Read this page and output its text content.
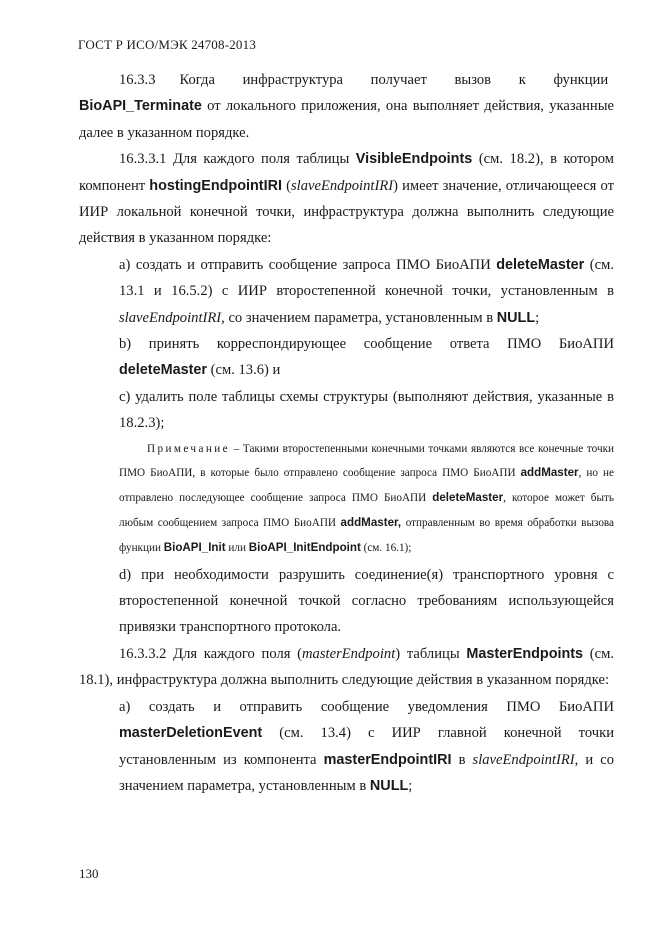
ГОСТ Р ИСО/МЭК 24708-2013

16.3.3 Когда инфраструктура получает вызов к функции
BioAPI_Terminate от локального приложения, она выполняет действия, указанные далее в указанном порядке.

16.3.3.1 Для каждого поля таблицы VisibleEndpoints (см. 18.2), в котором компонент hostingEndpointIRI (slaveEndpointIRI) имеет значение, отличающееся от ИИР локальной конечной точки, инфраструктура должна выполнить следующие действия в указанном порядке:

а) создать и отправить сообщение запроса ПМО БиоАПИ deleteMaster (см. 13.1 и 16.5.2) с ИИР второстепенной конечной точки, установленным в slaveEndpointIRI, со значением параметра, установленным в NULL;

b) принять корреспондирующее сообщение ответа ПМО БиоАПИ deleteMaster (см. 13.6) и

с) удалить поле таблицы схемы структуры (выполняют действия, указанные в 18.2.3);

Примечание – Такими второстепенными конечными точками являются все конечные точки ПМО БиоАПИ, в которые было отправлено сообщение запроса ПМО БиоАПИ addMaster, но не отправлено последующее сообщение запроса ПМО БиоАПИ deleteMaster, которое может быть любым сообщением запроса ПМО БиоАПИ addMaster, отправленным во время обработки вызова функции BioAPI_Init или BioAPI_InitEndpoint (см. 16.1);

d) при необходимости разрушить соединение(я) транспортного уровня с второстепенной конечной точкой согласно требованиям использующейся привязки транспортного протокола.

16.3.3.2 Для каждого поля (masterEndpoint) таблицы MasterEndpoints (см. 18.1), инфраструктура должна выполнить следующие действия в указанном порядке:

а) создать и отправить сообщение уведомления ПМО БиоАПИ masterDeletionEvent (см. 13.4) с ИИР главной конечной точки установленным из компонента masterEndpointIRI в slaveEndpointIRI, и со значением параметра, установленным в NULL;

130
